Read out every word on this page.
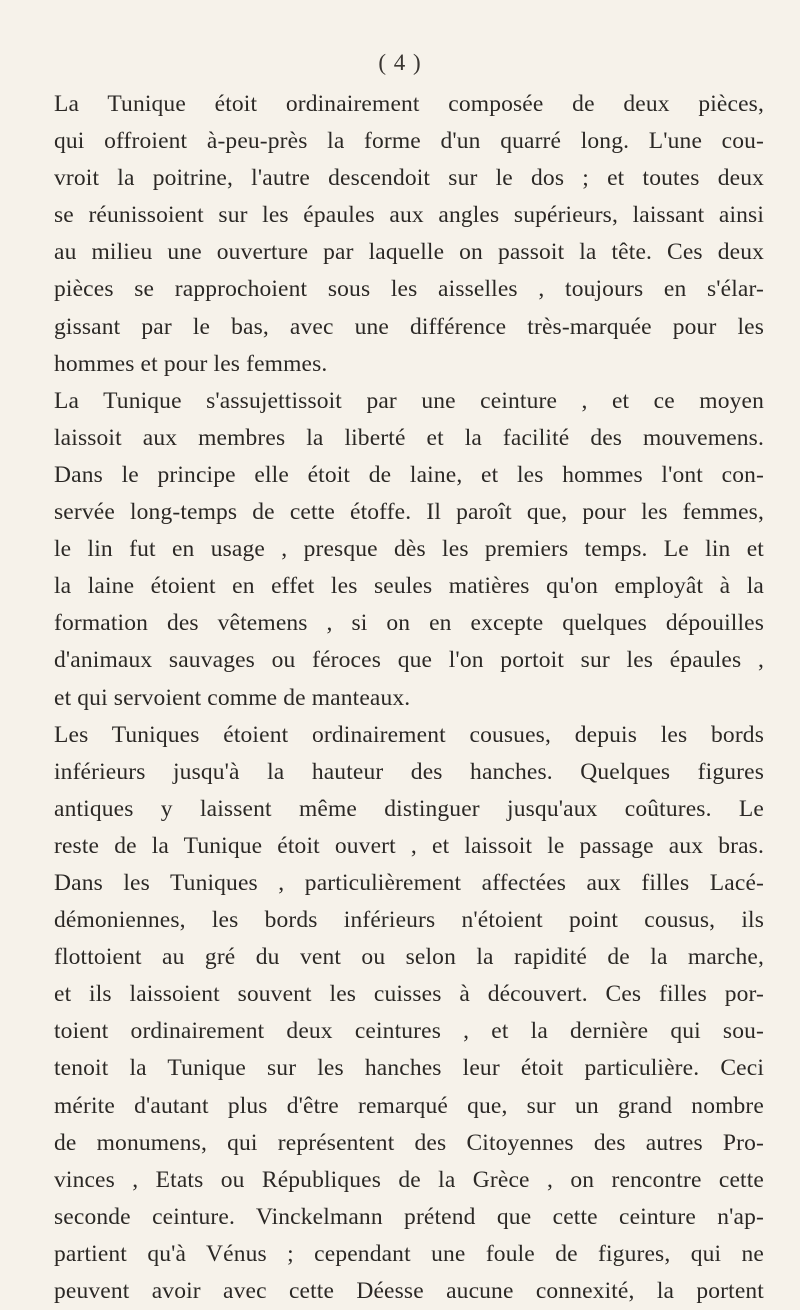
( 4 )
La Tunique étoit ordinairement composée de deux pièces,
qui offroient à-peu-près la forme d'un quarré long. L'une cou-
vroit la poitrine, l'autre descendoit sur le dos ; et toutes deux
se réunissoient sur les épaules aux angles supérieurs, laissant ainsi
au milieu une ouverture par laquelle on passoit la tête. Ces deux
pièces se rapprochoient sous les aisselles , toujours en s'élar-
gissant par le bas, avec une différence très-marquée pour les
hommes et pour les femmes.
La Tunique s'assujettissoit par une ceinture , et ce moyen
laissoit aux membres la liberté et la facilité des mouvemens.
Dans le principe elle étoit de laine, et les hommes l'ont con-
servée long-temps de cette étoffe. Il paroît que, pour les femmes,
le lin fut en usage , presque dès les premiers temps. Le lin et
la laine étoient en effet les seules matières qu'on employât à la
formation des vêtemens , si on en excepte quelques dépouilles
d'animaux sauvages ou féroces que l'on portoit sur les épaules ,
et qui servoient comme de manteaux.
Les Tuniques étoient ordinairement cousues, depuis les bords
inférieurs jusqu'à la hauteur des hanches. Quelques figures
antiques y laissent même distinguer jusqu'aux coûtures. Le
reste de la Tunique étoit ouvert , et laissoit le passage aux bras.
Dans les Tuniques , particulièrement affectées aux filles Lacé-
démoniennes, les bords inférieurs n'étoient point cousus, ils
flottoient au gré du vent ou selon la rapidité de la marche,
et ils laissoient souvent les cuisses à découvert. Ces filles por-
toient ordinairement deux ceintures , et la dernière qui sou-
tenoit la Tunique sur les hanches leur étoit particulière. Ceci
mérite d'autant plus d'être remarqué que, sur un grand nombre
de monumens, qui représentent des Citoyennes des autres Pro-
vinces , Etats ou Républiques de la Grèce , on rencontre cette
seconde ceinture. Vinckelmann prétend que cette ceinture n'ap-
partient qu'à Vénus ; cependant une foule de figures, qui ne
peuvent avoir avec cette Déesse aucune connexité, la portent
